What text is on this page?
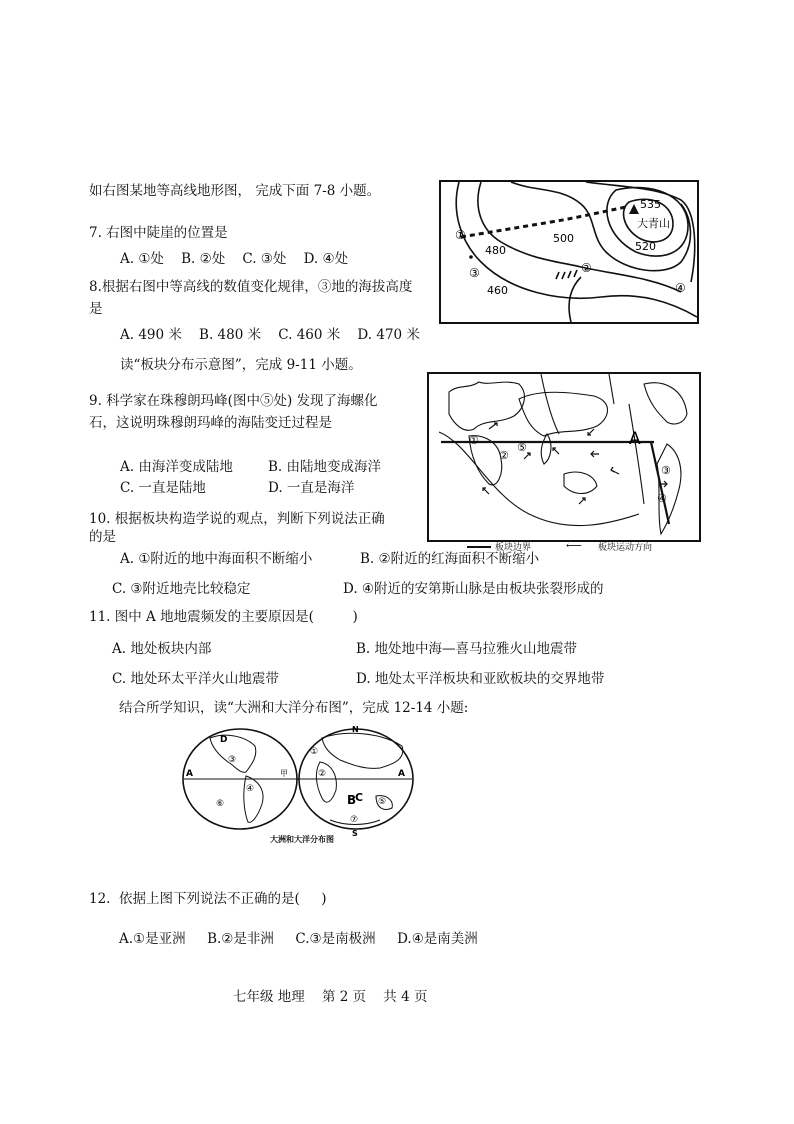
如右图某地等高线地形图， 完成下面 7-8 小题。
7. 右图中陡崖的位置是
A. ①处    B. ②处    C. ③处    D. ④处
8.根据右图中等高线的数值变化规律，③地的海拔高度
是
A. 490 米    B. 480 米    C. 460 米    D. 470 米
535
大青山
480
500
520
460
①
②
③
④
读“板块分布示意图”，完成 9-11 小题。
9. 科学家在珠穆朗玛峰(图中⑤处) 发现了海螺化
石，这说明珠穆朗玛峰的海陆变迁过程是
A. 由海洋变成陆地	B. 由陆地变成海洋
C. 一直是陆地	D. 一直是海洋
①
②
③
④
⑤	A
板块边界	⟵ 板块运动方向
10. 根据板块构造学说的观点，判断下列说法正确
的是
A. ①附近的地中海面积不断缩小	B. ②附近的红海面积不断缩小
C. ③附近地壳比较稳定	D. ④附近的安第斯山脉是由板块张裂形成的
11. 图中 A 地地震频发的主要原因是(         )
A. 地处板块内部	B. 地处地中海—喜马拉雅火山地震带
C. 地处环太平洋火山地震带	D. 地处太平洋板块和亚欧板块的交界地带
结合所学知识，读“大洲和大洋分布图”，完成 12-14 小题:
A	A
B
C
D
N
S
甲
①
②
③
④
⑤
⑥
⑦
大洲和大洋分布图
12.  依据上图下列说法不正确的是(     )
A.①是亚洲     B.②是非洲     C.③是南极洲     D.④是南美洲
七年级 地理    第 2 页    共 4 页
